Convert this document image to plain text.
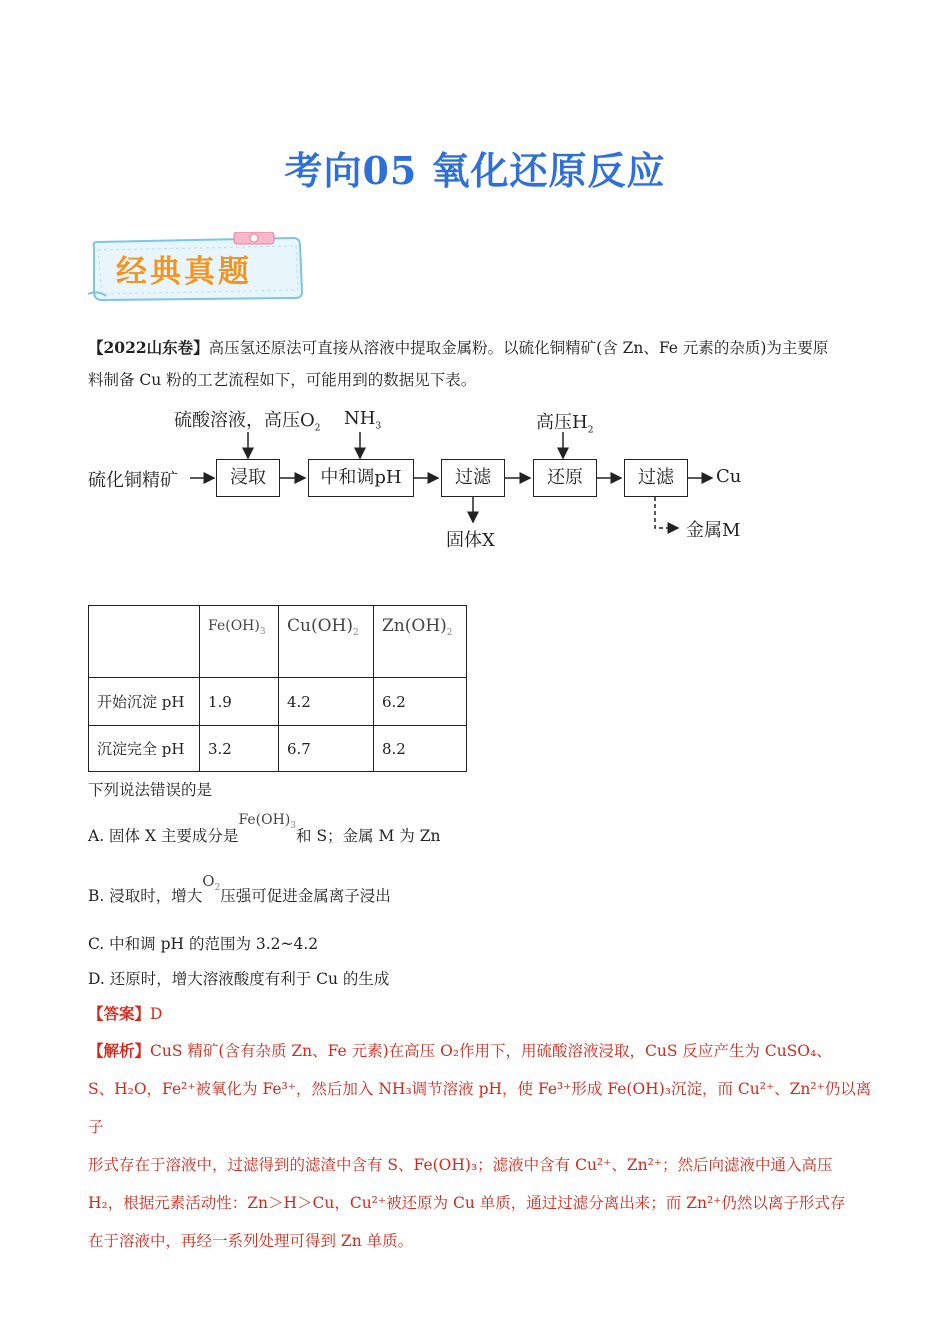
考向05 氧化还原反应
经典真题
【2022山东卷】高压氢还原法可直接从溶液中提取金属粉。以硫化铜精矿(含 Zn、Fe 元素的杂质)为主要原
料制备 Cu 粉的工艺流程如下，可能用到的数据见下表。
硫化铜精矿	浸取	中和调pH	过滤	还原	过滤	Cu
硫酸溶液，高压$O_2$ $NH_3$	高压$H_2$
固体X	金属M
	$Fe(OH)_3$	$Cu(OH)_2$	$Zn(OH)_2$
开始沉淀 pH	1.9	4.2	6.2
沉淀完全 pH	3.2	6.7	8.2
下列说法错误的是
A. 固体 X 主要成分是$Fe(OH)_3$和 S；金属 M 为 Zn
B. 浸取时，增大$O_2$压强可促进金属离子浸出
C. 中和调 pH 的范围为 3.2~4.2
D. 还原时，增大溶液酸度有利于 Cu 的生成
【答案】D
【解析】CuS 精矿(含有杂质 Zn、Fe 元素)在高压 O₂作用下，用硫酸溶液浸取，CuS 反应产生为 CuSO₄、
S、H₂O，Fe²⁺被氧化为 Fe³⁺，然后加入 NH₃调节溶液 pH，使 Fe³⁺形成 Fe(OH)₃沉淀，而 Cu²⁺、Zn²⁺仍以离子
形式存在于溶液中，过滤得到的滤渣中含有 S、Fe(OH)₃；滤液中含有 Cu²⁺、Zn²⁺；然后向滤液中通入高压
H₂，根据元素活动性：Zn＞H＞Cu，Cu²⁺被还原为 Cu 单质，通过过滤分离出来；而 Zn²⁺仍然以离子形式存
在于溶液中，再经一系列处理可得到 Zn 单质。
